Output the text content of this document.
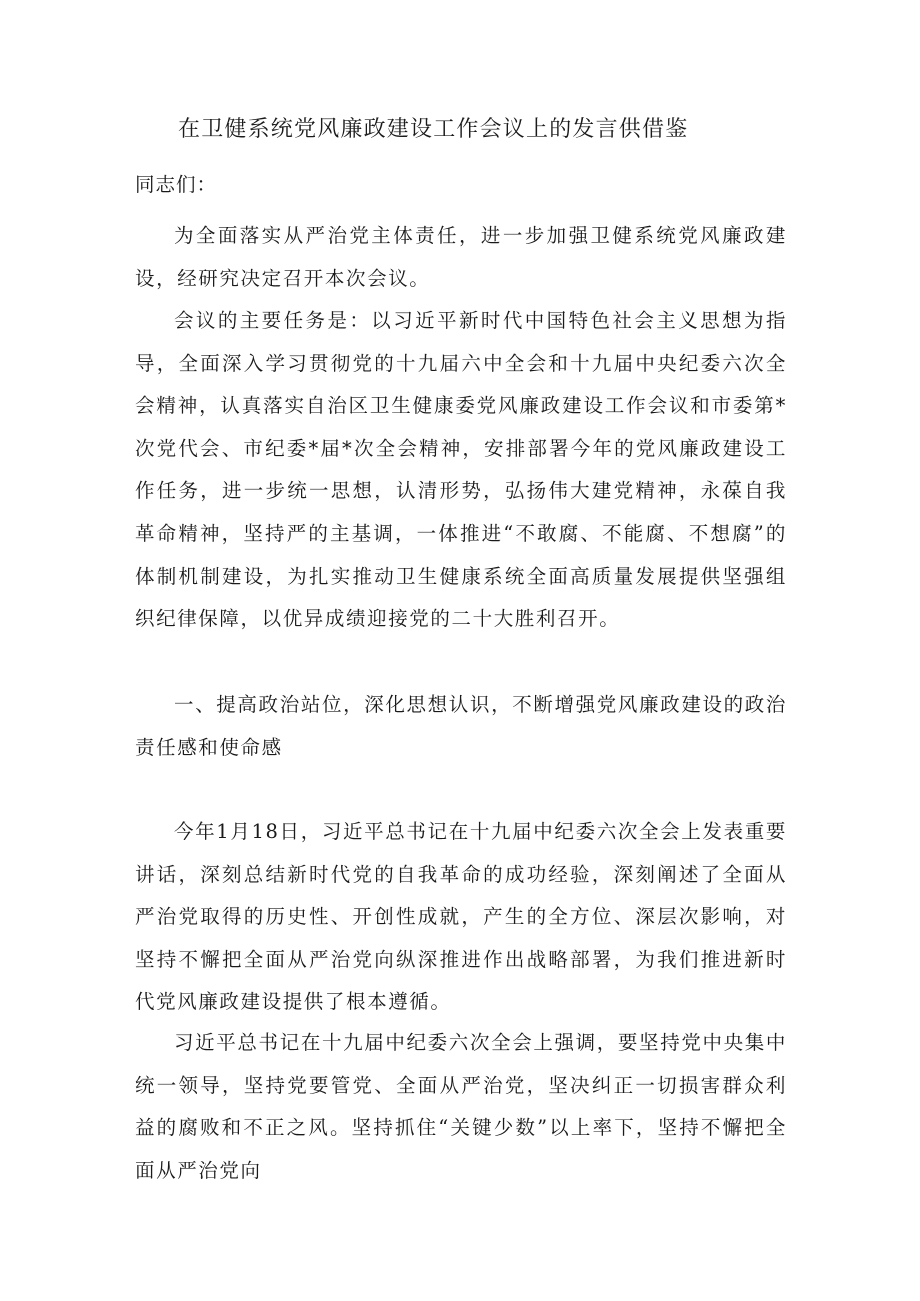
在卫健系统党风廉政建设工作会议上的发言供借鉴
同志们：

为全面落实从严治党主体责任，进一步加强卫健系统党风廉政建设，经研究决定召开本次会议。

会议的主要任务是：以习近平新时代中国特色社会主义思想为指导，全面深入学习贯彻党的十九届六中全会和十九届中央纪委六次全会精神，认真落实自治区卫生健康委党风廉政建设工作会议和市委第*次党代会、市纪委*届*次全会精神，安排部署今年的党风廉政建设工作任务，进一步统一思想，认清形势，弘扬伟大建党精神，永葆自我革命精神，坚持严的主基调，一体推进“不敢腐、不能腐、不想腐”的体制机制建设，为扎实推动卫生健康系统全面高质量发展提供坚强组织纪律保障，以优异成绩迎接党的二十大胜利召开。

一、提高政治站位，深化思想认识，不断增强党风廉政建设的政治责任感和使命感

今年1月18日，习近平总书记在十九届中纪委六次全会上发表重要讲话，深刻总结新时代党的自我革命的成功经验，深刻阐述了全面从严治党取得的历史性、开创性成就，产生的全方位、深层次影响，对坚持不懈把全面从严治党向纵深推进作出战略部署，为我们推进新时代党风廉政建设提供了根本遵循。

习近平总书记在十九届中纪委六次全会上强调，要坚持党中央集中统一领导，坚持党要管党、全面从严治党，坚决纠正一切损害群众利益的腐败和不正之风。坚持抓住“关键少数”以上率下，坚持不懈把全面从严治党向
